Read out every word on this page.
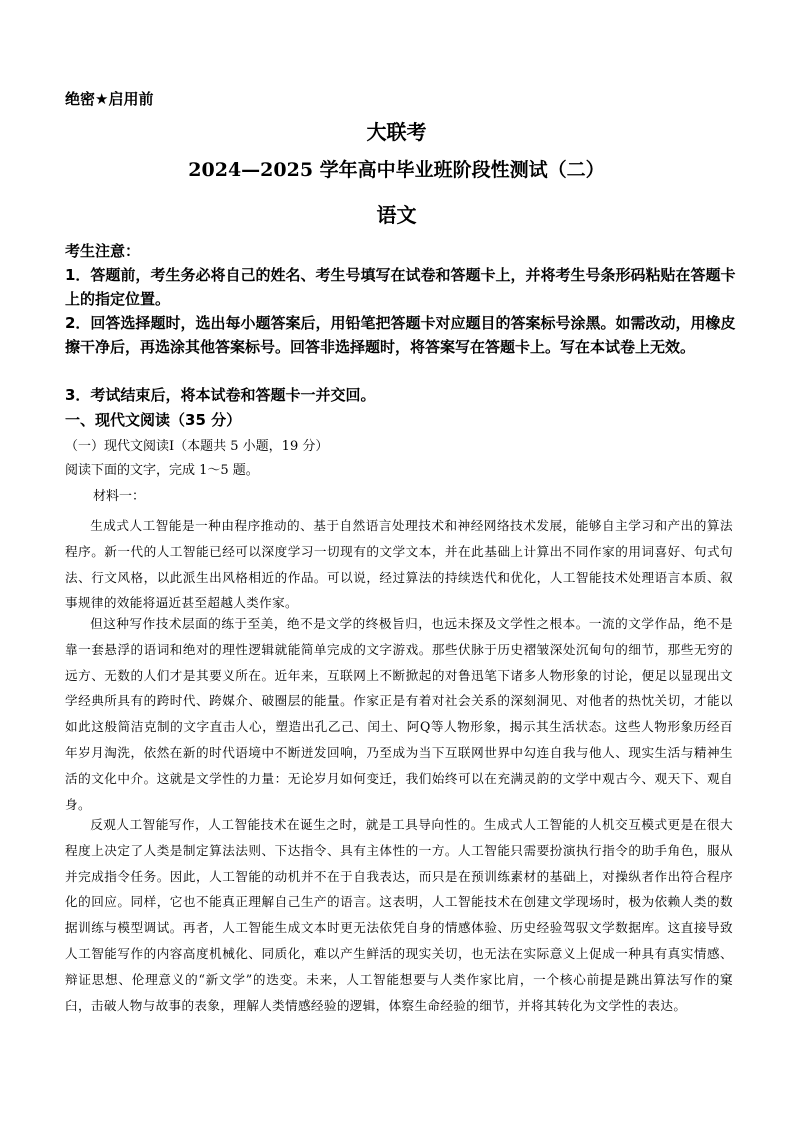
绝密★启用前
大联考
2024—2025 学年高中毕业班阶段性测试（二）
语文
考生注意：
1．答题前，考生务必将自己的姓名、考生号填写在试卷和答题卡上，并将考生号条形码粘贴在答题卡上的指定位置。
2．回答选择题时，选出每小题答案后，用铅笔把答题卡对应题目的答案标号涂黑。如需改动，用橡皮擦干净后，再选涂其他答案标号。回答非选择题时，将答案写在答题卡上。写在本试卷上无效。
3．考试结束后，将本试卷和答题卡一并交回。
一、现代文阅读（35 分）
（一）现代文阅读Ⅰ（本题共 5 小题，19 分）
阅读下面的文字，完成 1～5 题。
材料一：

生成式人工智能是一种由程序推动的、基于自然语言处理技术和神经网络技术发展，能够自主学习和产出的算法程序。新一代的人工智能已经可以深度学习一切现有的文学文本，并在此基础上计算出不同作家的用词喜好、句式句法、行文风格，以此派生出风格相近的作品。可以说，经过算法的持续迭代和优化，人工智能技术处理语言本质、叙事规律的效能将逼近甚至超越人类作家。

但这种写作技术层面的练于至美，绝不是文学的终极旨归，也远未探及文学性之根本。一流的文学作品，绝不是靠一套悬浮的语词和绝对的理性逻辑就能简单完成的文字游戏。那些伏脉于历史褶皱深处沉甸句的细节，那些无穷的远方、无数的人们才是其要义所在。近年来，互联网上不断掀起的对鲁迅笔下诸多人物形象的讨论，便足以显现出文学经典所具有的跨时代、跨媒介、破圈层的能量。作家正是有着对社会关系的深刻洞见、对他者的热忱关切，才能以如此这般简洁克制的文字直击人心，塑造出孔乙己、闰土、阿Q等人物形象，揭示其生活状态。这些人物形象历经百年岁月淘洗，依然在新的时代语境中不断迸发回响，乃至成为当下互联网世界中勾连自我与他人、现实生活与精神生活的文化中介。这就是文学性的力量：无论岁月如何变迁，我们始终可以在充满灵韵的文学中观古今、观天下、观自身。

反观人工智能写作，人工智能技术在诞生之时，就是工具导向性的。生成式人工智能的人机交互模式更是在很大程度上决定了人类是制定算法法则、下达指令、具有主体性的一方。人工智能只需要扮演执行指令的助手角色，服从并完成指令任务。因此，人工智能的动机并不在于自我表达，而只是在预训练素材的基础上，对操纵者作出符合程序化的回应。同样，它也不能真正理解自己生产的语言。这表明，人工智能技术在创建文学现场时，极为依赖人类的数据训练与模型调试。再者，人工智能生成文本时更无法依凭自身的情感体验、历史经验驾驭文学数据库。这直接导致人工智能写作的内容高度机械化、同质化，难以产生鲜活的现实关切，也无法在实际意义上促成一种具有真实情感、辩证思想、伦理意义的“新文学”的迭变。未来，人工智能想要与人类作家比肩，一个核心前提是跳出算法写作的窠臼，击破人物与故事的表象，理解人类情感经验的逻辑，体察生命经验的细节，并将其转化为文学性的表达。
